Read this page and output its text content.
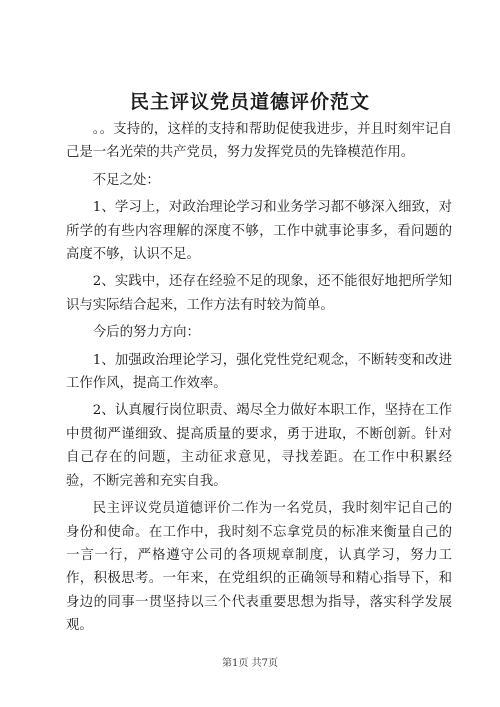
民主评议党员道德评价范文

。。支持的，这样的支持和帮助促使我进步，并且时刻牢记自己是一名光荣的共产党员，努力发挥党员的先锋模范作用。

不足之处：

1、学习上，对政治理论学习和业务学习都不够深入细致，对所学的有些内容理解的深度不够，工作中就事论事多，看问题的高度不够，认识不足。

2、实践中，还存在经验不足的现象，还不能很好地把所学知识与实际结合起来，工作方法有时较为简单。

今后的努力方向：

1、加强政治理论学习，强化党性党纪观念，不断转变和改进工作作风，提高工作效率。

2、认真履行岗位职责、竭尽全力做好本职工作，坚持在工作中贯彻严谨细致、提高质量的要求，勇于进取，不断创新。针对自己存在的问题，主动征求意见，寻找差距。在工作中积累经验，不断完善和充实自我。

民主评议党员道德评价二作为一名党员，我时刻牢记自己的身份和使命。在工作中，我时刻不忘拿党员的标准来衡量自己的一言一行，严格遵守公司的各项规章制度，认真学习，努力工作，积极思考。一年来，在党组织的正确领导和精心指导下，和身边的同事一贯坚持以三个代表重要思想为指导，落实科学发展观。

第1页 共7页
